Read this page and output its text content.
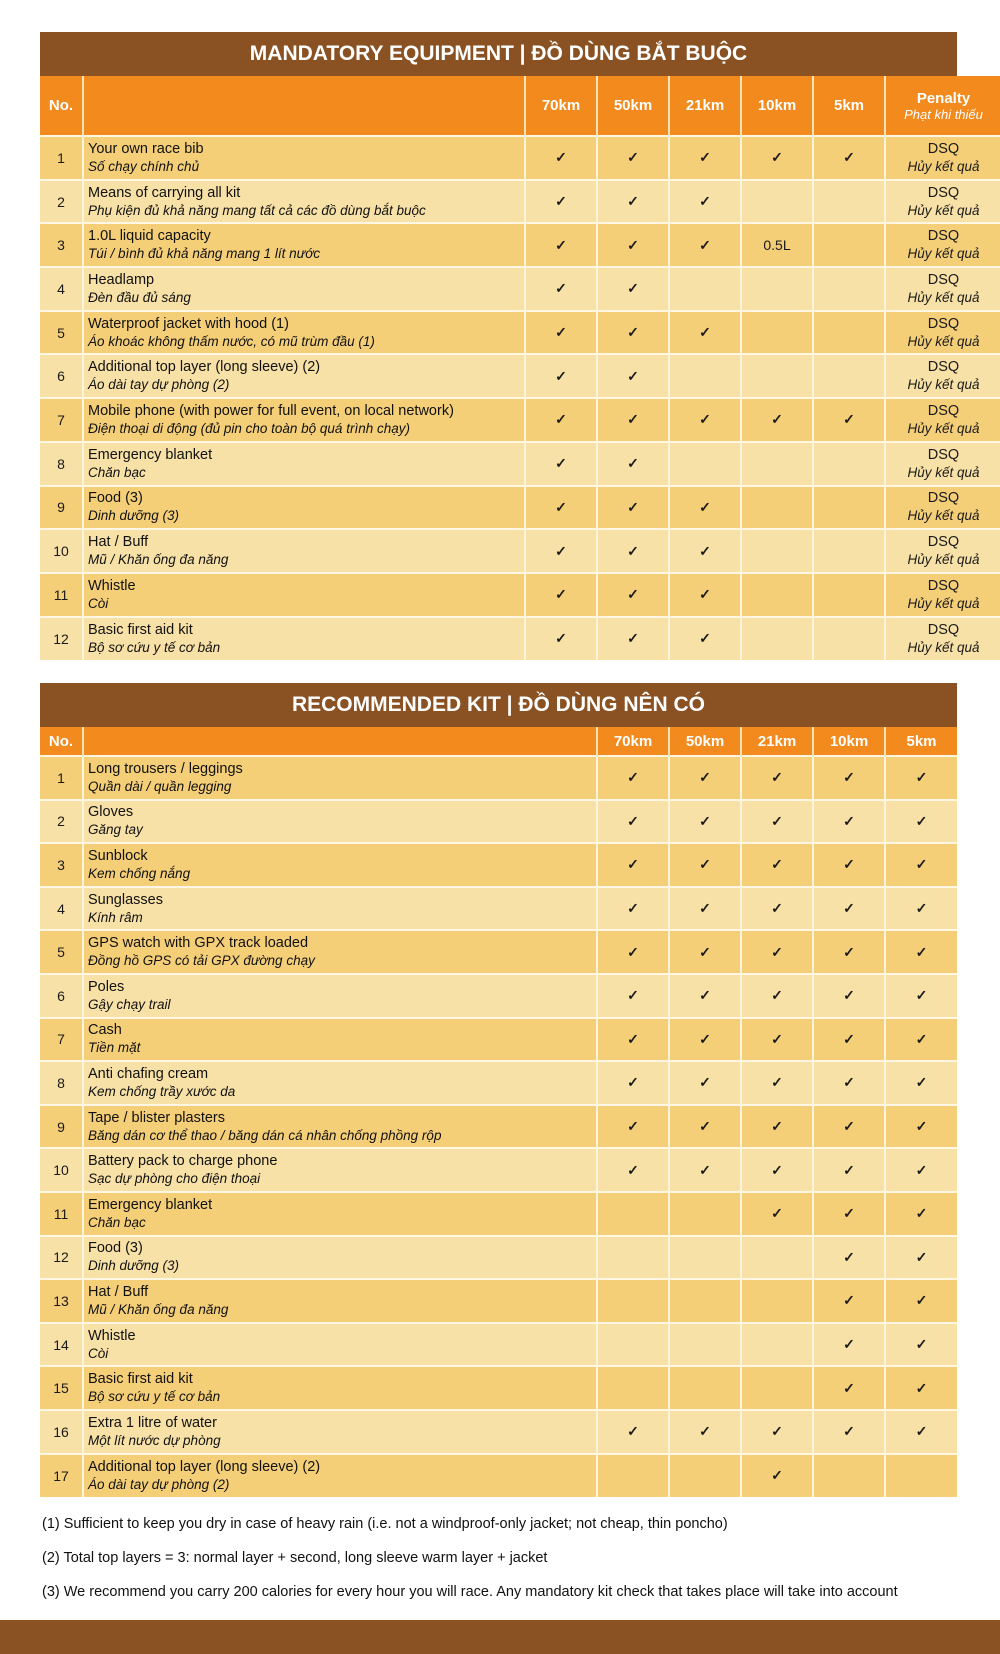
MANDATORY EQUIPMENT | ĐỒ DÙNG BẮT BUỘC
No.		70km	50km	21km	10km	5km	Penalty
Phạt khi thiếu

1	Your own race bib
Số chạy chính chủ	✓	✓	✓	✓	✓	DSQ
Hủy kết quả

2	Means of carrying all kit
Phụ kiện đủ khả năng mang tất cả các đồ dùng bắt buộc	✓	✓	✓			DSQ
Hủy kết quả

3	1.0L liquid capacity
Túi / bình đủ khả năng mang 1 lít nước	✓	✓	✓	0.5L		DSQ
Hủy kết quả

4	Headlamp
Đèn đầu đủ sáng	✓	✓				DSQ
Hủy kết quả

5	Waterproof jacket with hood (1)
Áo khoác không thấm nước, có mũ trùm đầu (1)	✓	✓	✓			DSQ
Hủy kết quả

6	Additional top layer (long sleeve) (2)
Áo dài tay dự phòng (2)	✓	✓				DSQ
Hủy kết quả

7	Mobile phone (with power for full event, on local network)
Điện thoại di động (đủ pin cho toàn bộ quá trình chạy)	✓	✓	✓	✓	✓	DSQ
Hủy kết quả

8	Emergency blanket
Chăn bạc	✓	✓				DSQ
Hủy kết quả

9	Food (3)
Dinh dưỡng (3)	✓	✓	✓			DSQ
Hủy kết quả

10	Hat / Buff
Mũ / Khăn ống đa năng	✓	✓	✓			DSQ
Hủy kết quả

11	Whistle
Còi	✓	✓	✓			DSQ
Hủy kết quả

12	Basic first aid kit
Bộ sơ cứu y tế cơ bản	✓	✓	✓			DSQ
Hủy kết quả
RECOMMENDED KIT | ĐỒ DÙNG NÊN CÓ
No.		70km	50km	21km	10km	5km
1	Long trousers / leggings
Quần dài / quần legging	✓	✓	✓	✓	✓
2	Gloves
Găng tay	✓	✓	✓	✓	✓
3	Sunblock
Kem chống nắng	✓	✓	✓	✓	✓
4	Sunglasses
Kính râm	✓	✓	✓	✓	✓
5	GPS watch with GPX track loaded
Đồng hồ GPS có tải GPX đường chạy	✓	✓	✓	✓	✓
6	Poles
Gậy chạy trail	✓	✓	✓	✓	✓
7	Cash
Tiền mặt	✓	✓	✓	✓	✓
8	Anti chafing cream
Kem chống trầy xước da	✓	✓	✓	✓	✓
9	Tape / blister plasters
Băng dán cơ thể thao / băng dán cá nhân chống phồng rộp	✓	✓	✓	✓	✓
10	Battery pack to charge phone
Sạc dự phòng cho điện thoại	✓	✓	✓	✓	✓
11	Emergency blanket
Chăn bạc			✓	✓	✓
12	Food (3)
Dinh dưỡng (3)				✓	✓
13	Hat / Buff
Mũ / Khăn ống đa năng				✓	✓
14	Whistle
Còi				✓	✓
15	Basic first aid kit
Bộ sơ cứu y tế cơ bản				✓	✓
16	Extra 1 litre of water
Một lít nước dự phòng	✓	✓	✓	✓	✓
17	Additional top layer (long sleeve) (2)
Áo dài tay dự phòng (2)			✓		
(1) Sufficient to keep you dry in case of heavy rain (i.e. not a windproof-only jacket; not cheap, thin poncho)
(2) Total top layers = 3: normal layer + second, long sleeve warm layer + jacket
(3) We recommend you carry 200 calories for every hour you will race. Any mandatory kit check that takes place will take into account
